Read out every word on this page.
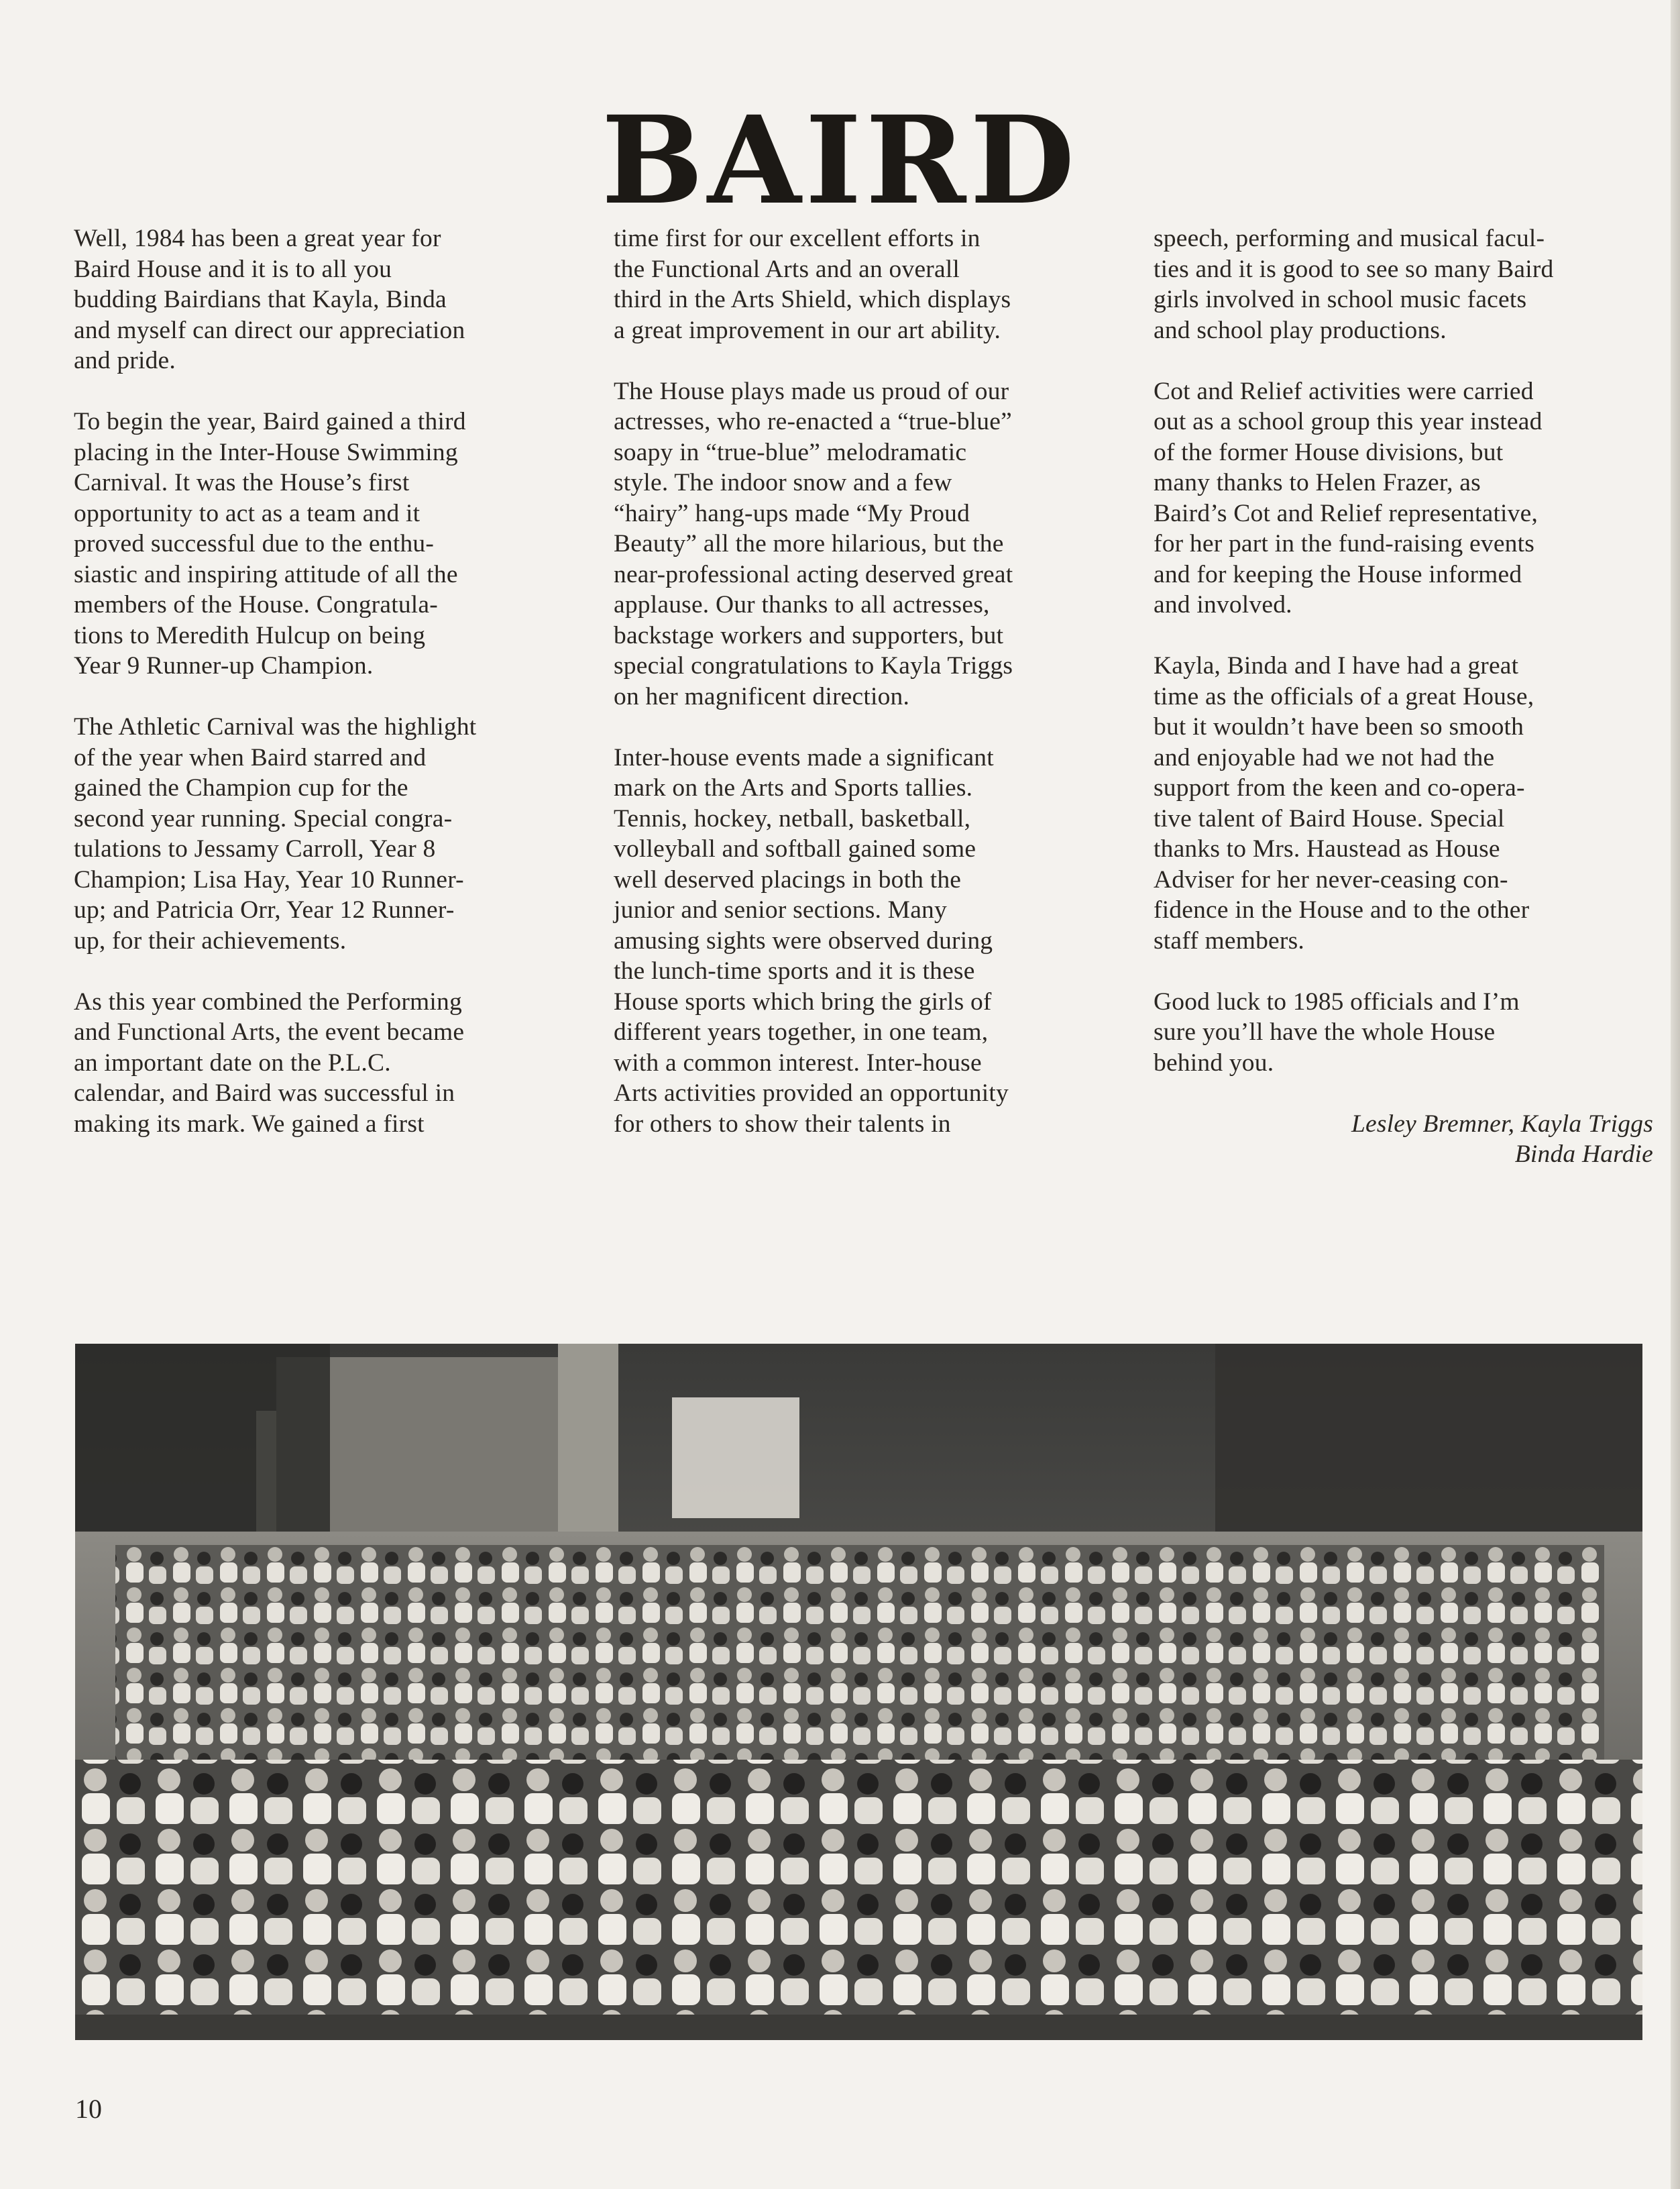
BAIRD

Well, 1984 has been a great year for
Baird House and it is to all you
budding Bairdians that Kayla, Binda
and myself can direct our appreciation
and pride.

To begin the year, Baird gained a third
placing in the Inter-House Swimming
Carnival. It was the House’s first
opportunity to act as a team and it
proved successful due to the enthu-
siastic and inspiring attitude of all the
members of the House. Congratula-
tions to Meredith Hulcup on being
Year 9 Runner-up Champion.

The Athletic Carnival was the highlight
of the year when Baird starred and
gained the Champion cup for the
second year running. Special congra-
tulations to Jessamy Carroll, Year 8
Champion; Lisa Hay, Year 10 Runner-
up; and Patricia Orr, Year 12 Runner-
up, for their achievements.

As this year combined the Performing
and Functional Arts, the event became
an important date on the P.L.C.
calendar, and Baird was successful in
making its mark. We gained a first

time first for our excellent efforts in
the Functional Arts and an overall
third in the Arts Shield, which displays
a great improvement in our art ability.

The House plays made us proud of our
actresses, who re-enacted a “true-blue”
soapy in “true-blue” melodramatic
style. The indoor snow and a few
“hairy” hang-ups made “My Proud
Beauty” all the more hilarious, but the
near-professional acting deserved great
applause. Our thanks to all actresses,
backstage workers and supporters, but
special congratulations to Kayla Triggs
on her magnificent direction.

Inter-house events made a significant
mark on the Arts and Sports tallies.
Tennis, hockey, netball, basketball,
volleyball and softball gained some
well deserved placings in both the
junior and senior sections. Many
amusing sights were observed during
the lunch-time sports and it is these
House sports which bring the girls of
different years together, in one team,
with a common interest. Inter-house
Arts activities provided an opportunity
for others to show their talents in

speech, performing and musical facul-
ties and it is good to see so many Baird
girls involved in school music facets
and school play productions.

Cot and Relief activities were carried
out as a school group this year instead
of the former House divisions, but
many thanks to Helen Frazer, as
Baird’s Cot and Relief representative,
for her part in the fund-raising events
and for keeping the House informed
and involved.

Kayla, Binda and I have had a great
time as the officials of a great House,
but it wouldn’t have been so smooth
and enjoyable had we not had the
support from the keen and co-opera-
tive talent of Baird House. Special
thanks to Mrs. Haustead as House
Adviser for her never-ceasing con-
fidence in the House and to the other
staff members.

Good luck to 1985 officials and I’m
sure you’ll have the whole House
behind you.

Lesley Bremner, Kayla Triggs
Binda Hardie

10
